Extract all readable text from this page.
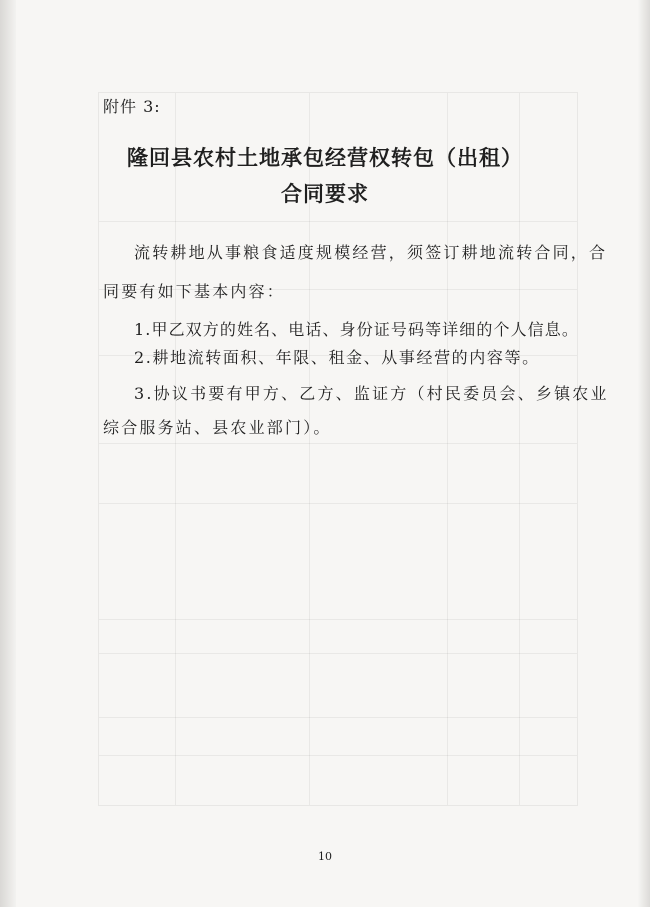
附件 3:
隆回县农村土地承包经营权转包（出租）
合同要求
流转耕地从事粮食适度规模经营，须签订耕地流转合同，合
同要有如下基本内容：
1.甲乙双方的姓名、电话、身份证号码等详细的个人信息。
2.耕地流转面积、年限、租金、从事经营的内容等。
3.协议书要有甲方、乙方、监证方（村民委员会、乡镇农业
综合服务站、县农业部门）。
10
